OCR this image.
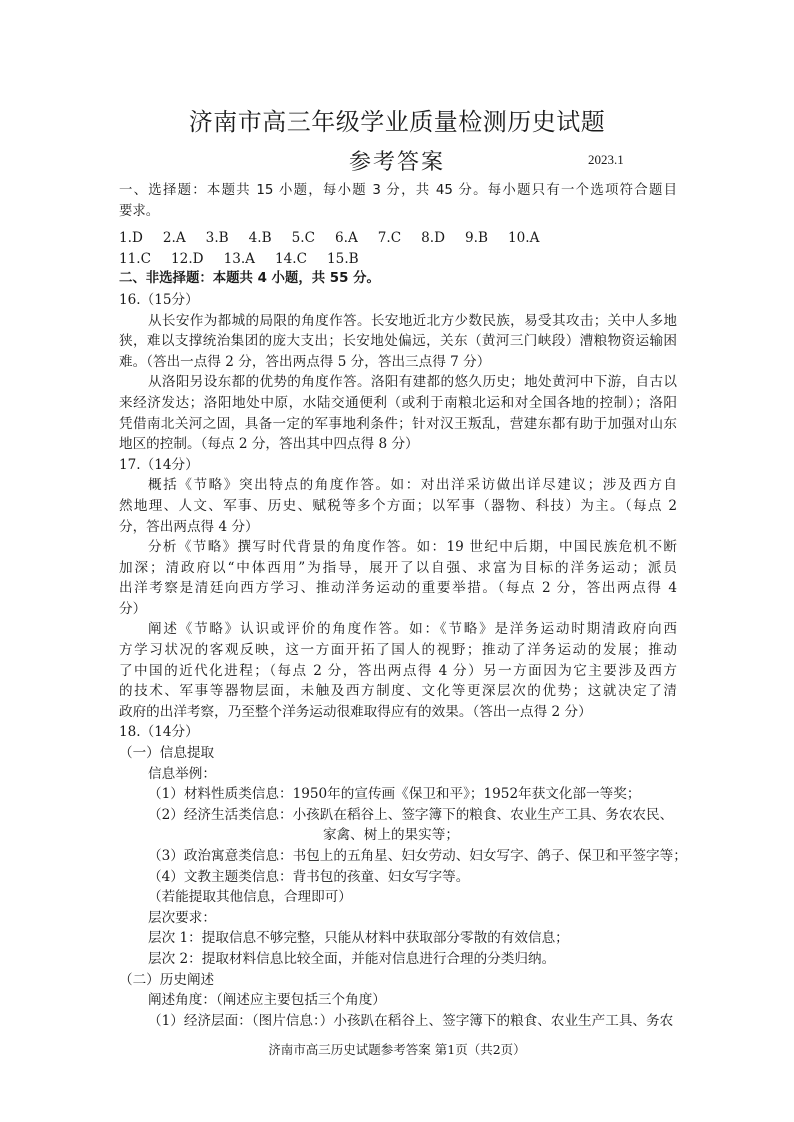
济南市高三年级学业质量检测历史试题
参考答案	2023.1
一、选择题：本题共 15 小题，每小题 3 分，共 45 分。每小题只有一个选项符合题目
要求。
1.D 2.A 3.B 4.B 5.C 6.A 7.C 8.D 9.B 10.A
11.C 12.D 13.A 14.C 15.B
二、非选择题：本题共 4 小题，共 55 分。
16.（15分）
从长安作为都城的局限的角度作答。长安地近北方少数民族，易受其攻击；关中人多地
狭，难以支撑统治集团的庞大支出；长安地处偏远，关东（黄河三门峡段）漕粮物资运输困
难。（答出一点得 2 分，答出两点得 5 分，答出三点得 7 分）
从洛阳另设东都的优势的角度作答。洛阳有建都的悠久历史；地处黄河中下游，自古以
来经济发达；洛阳地处中原，水陆交通便利（或利于南粮北运和对全国各地的控制）；洛阳
凭借南北关河之固，具备一定的军事地利条件；针对汉王叛乱，营建东都有助于加强对山东
地区的控制。（每点 2 分，答出其中四点得 8 分）
17.（14分）
概括《节略》突出特点的角度作答。如：对出洋采访做出详尽建议；涉及西方自
然地理、人文、军事、历史、赋税等多个方面；以军事（器物、科技）为主。（每点 2
分，答出两点得 4 分）
分析《节略》撰写时代背景的角度作答。如：19 世纪中后期，中国民族危机不断
加深；清政府以“中体西用”为指导，展开了以自强、求富为目标的洋务运动；派员
出洋考察是清廷向西方学习、推动洋务运动的重要举措。（每点 2 分，答出两点得 4
分）
阐述《节略》认识或评价的角度作答。如：《节略》是洋务运动时期清政府向西
方学习状况的客观反映，这一方面开拓了国人的视野；推动了洋务运动的发展；推动
了中国的近代化进程；（每点 2 分，答出两点得 4 分）另一方面因为它主要涉及西方
的技术、军事等器物层面，未触及西方制度、文化等更深层次的优势；这就决定了清
政府的出洋考察，乃至整个洋务运动很难取得应有的效果。（答出一点得 2 分）
18.（14分）
（一）信息提取
信息举例：
（1）材料性质类信息：1950年的宣传画《保卫和平》；1952年获文化部一等奖；
（2）经济生活类信息：小孩趴在稻谷上、签字簿下的粮食、农业生产工具、务农农民、
家禽、树上的果实等；
（3）政治寓意类信息：书包上的五角星、妇女劳动、妇女写字、鸽子、保卫和平签字等；
（4）文教主题类信息：背书包的孩童、妇女写字等。
（若能提取其他信息，合理即可）
层次要求：
层次 1：提取信息不够完整，只能从材料中获取部分零散的有效信息；
层次 2：提取材料信息比较全面，并能对信息进行合理的分类归纳。
（二）历史阐述
阐述角度：（阐述应主要包括三个角度）
（1）经济层面：（图片信息：）小孩趴在稻谷上、签字簿下的粮食、农业生产工具、务农
济南市高三历史试题参考答案 第1页（共2页）
